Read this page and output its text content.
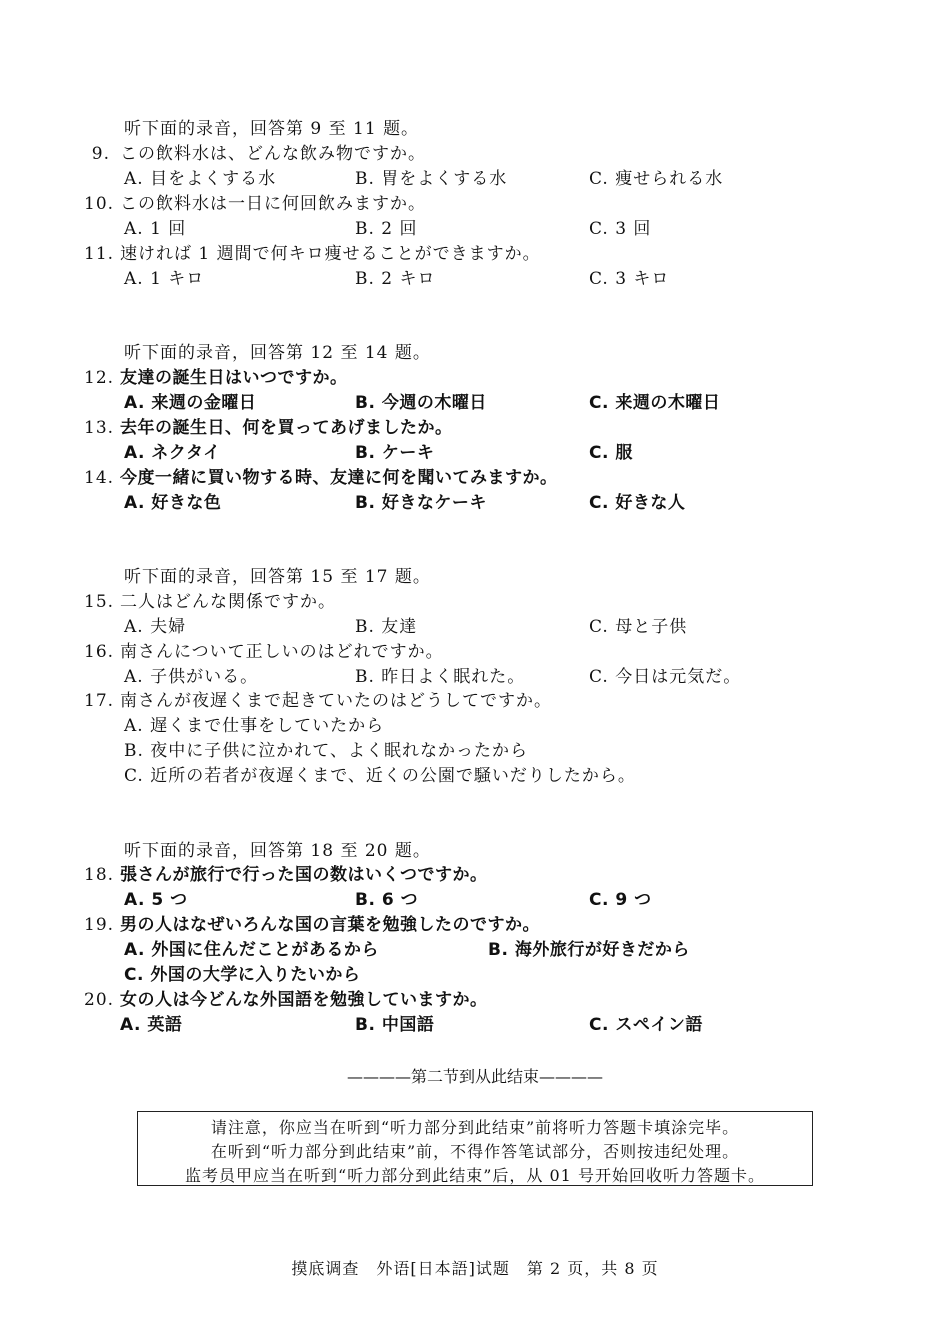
听下面的录音，回答第 9 至 11 题。
9. この飲料水は、どんな飲み物ですか。
A. 目をよくする水	B. 胃をよくする水	C. 痩せられる水
10. この飲料水は一日に何回飲みますか。
A. 1 回	B. 2 回	C. 3 回
11. 速ければ 1 週間で何キロ痩せることができますか。
A. 1 キロ	B. 2 キロ	C. 3 キロ
听下面的录音，回答第 12 至 14 题。
12. 友達の誕生日はいつですか。
A. 来週の金曜日	B. 今週の木曜日	C. 来週の木曜日
13. 去年の誕生日、何を買ってあげましたか。
A. ネクタイ	B. ケーキ	C. 服
14. 今度一緒に買い物する時、友達に何を聞いてみますか。
A. 好きな色	B. 好きなケーキ	C. 好きな人
听下面的录音，回答第 15 至 17 题。
15. 二人はどんな関係ですか。
A. 夫婦	B. 友達	C. 母と子供
16. 南さんについて正しいのはどれですか。
A. 子供がいる。	B. 昨日よく眠れた。	C. 今日は元気だ。
17. 南さんが夜遅くまで起きていたのはどうしてですか。
A. 遅くまで仕事をしていたから
B. 夜中に子供に泣かれて、よく眠れなかったから
C. 近所の若者が夜遅くまで、近くの公園で騒いだりしたから。
听下面的录音，回答第 18 至 20 题。
18. 張さんが旅行で行った国の数はいくつですか。
A. 5 つ	B. 6 つ	C. 9 つ
19. 男の人はなぜいろんな国の言葉を勉強したのですか。
A. 外国に住んだことがあるから	B. 海外旅行が好きだから
C. 外国の大学に入りたいから
20. 女の人は今どんな外国語を勉強していますか。
A. 英語	B. 中国語	C. スペイン語
————第二节到从此结束————
请注意，你应当在听到“听力部分到此结束”前将听力答题卡填涂完毕。
在听到“听力部分到此结束”前，不得作答笔试部分，否则按违纪处理。
监考员甲应当在听到“听力部分到此结束”后，从 01 号开始回收听力答题卡。
摸底调查　外语[日本語]试题　第 2 页，共 8 页
